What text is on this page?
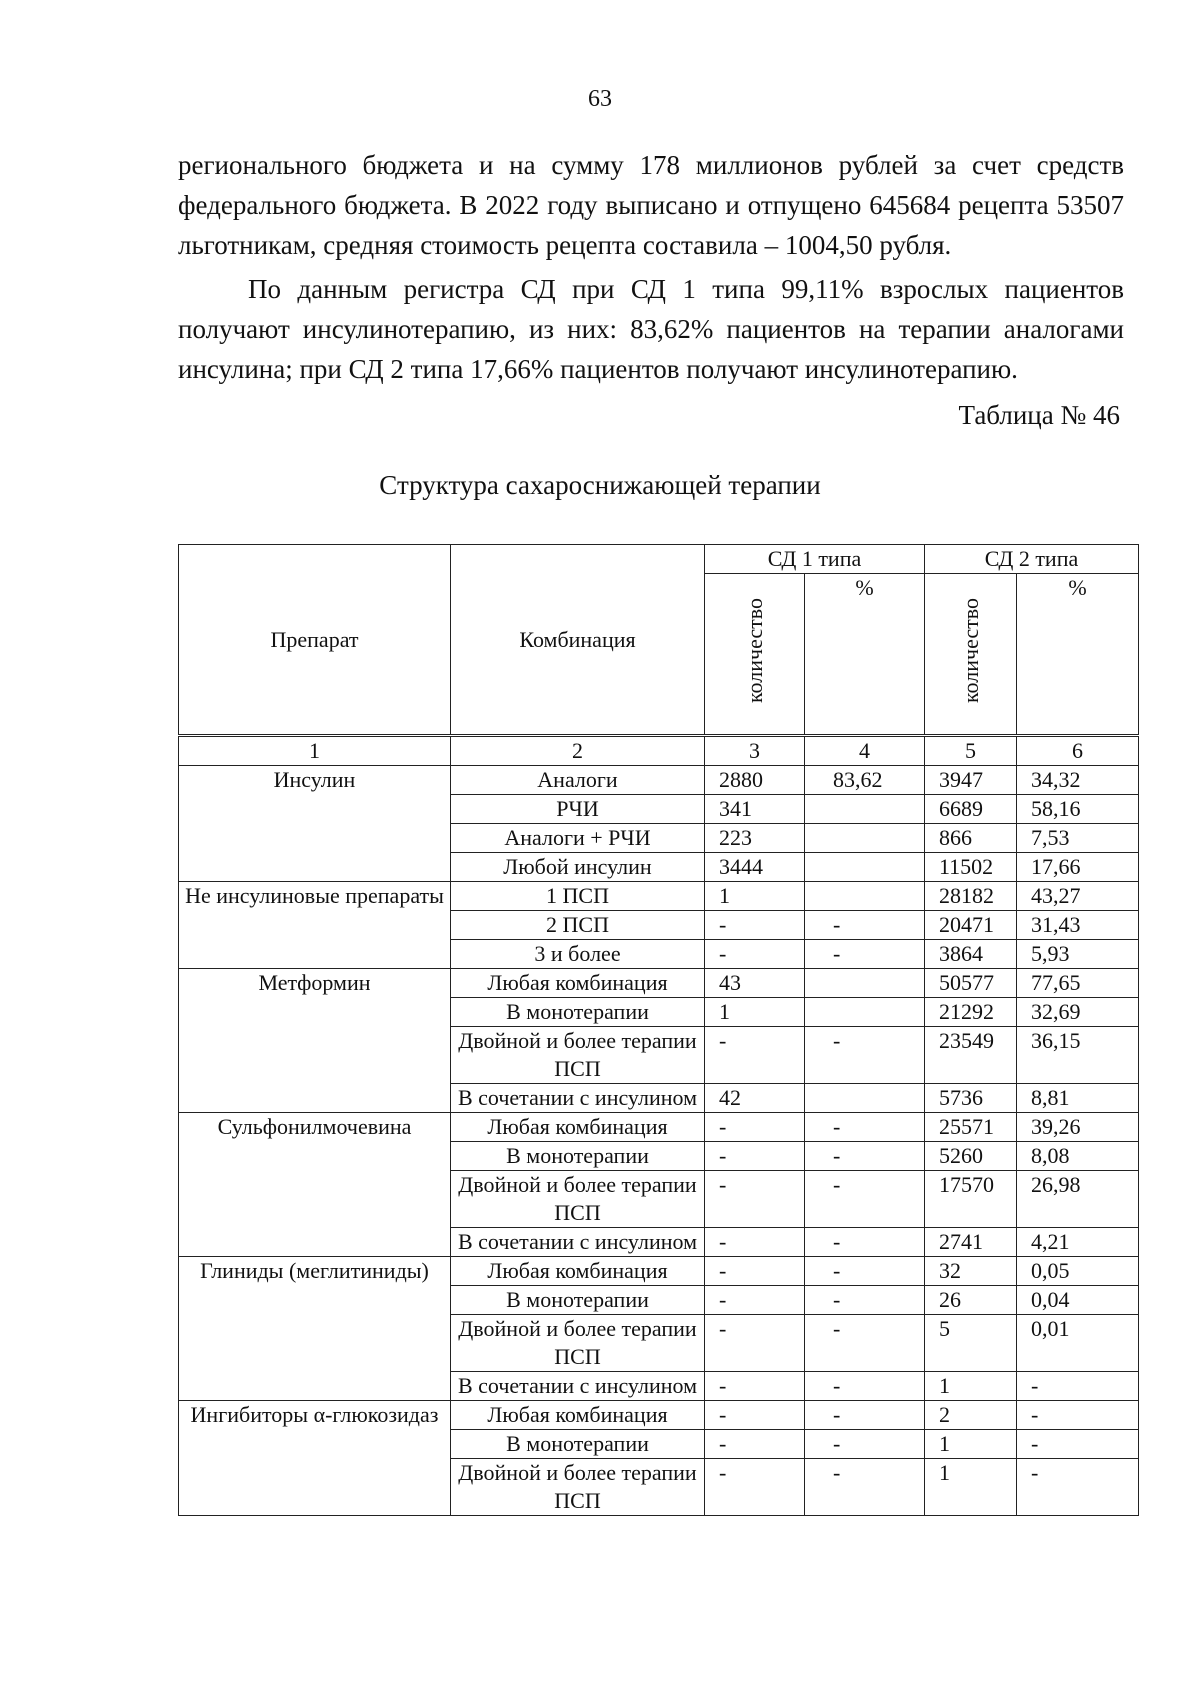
63

регионального бюджета и на сумму 178 миллионов рублей за счет средств федерального бюджета. В 2022 году выписано и отпущено 645684 рецепта 53507 льготникам, средняя стоимость рецепта составила – 1004,50 рубля.

По данным регистра СД при СД 1 типа 99,11% взрослых пациентов получают инсулинотерапию, из них: 83,62% пациентов на терапии аналогами инсулина; при СД 2 типа 17,66% пациентов получают инсулинотерапию.

Таблица № 46
Структура сахароснижающей терапии
Препарат	Комбинация	СД 1 типа		СД 2 типа	
		количество	%	количество	%
1	2	3	4	5	6
Инсулин	Аналоги	2880	83,62	3947	34,32
	РЧИ	341		6689	58,16
	Аналоги + РЧИ	223		866	7,53
	Любой инсулин	3444		11502	17,66
Не инсулиновые препараты	1 ПСП	1		28182	43,27
	2 ПСП	-	-	20471	31,43
	3 и более	-	-	3864	5,93
Метформин	Любая комбинация	43		50577	77,65
	В монотерапии	1		21292	32,69
	Двойной и более терапии ПСП	-	-	23549	36,15
	В сочетании с инсулином	42		5736	8,81
Сульфонилмочевина	Любая комбинация	-	-	25571	39,26
	В монотерапии	-	-	5260	8,08
	Двойной и более терапии ПСП	-	-	17570	26,98
	В сочетании с инсулином	-	-	2741	4,21
Глиниды (меглитиниды)	Любая комбинация	-	-	32	0,05
	В монотерапии	-	-	26	0,04
	Двойной и более терапии ПСП	-	-	5	0,01
	В сочетании с инсулином	-	-	1	-
Ингибиторы α-глюкозидаз	Любая комбинация	-	-	2	-
	В монотерапии	-	-	1	-
	Двойной и более терапии ПСП	-	-	1	-
